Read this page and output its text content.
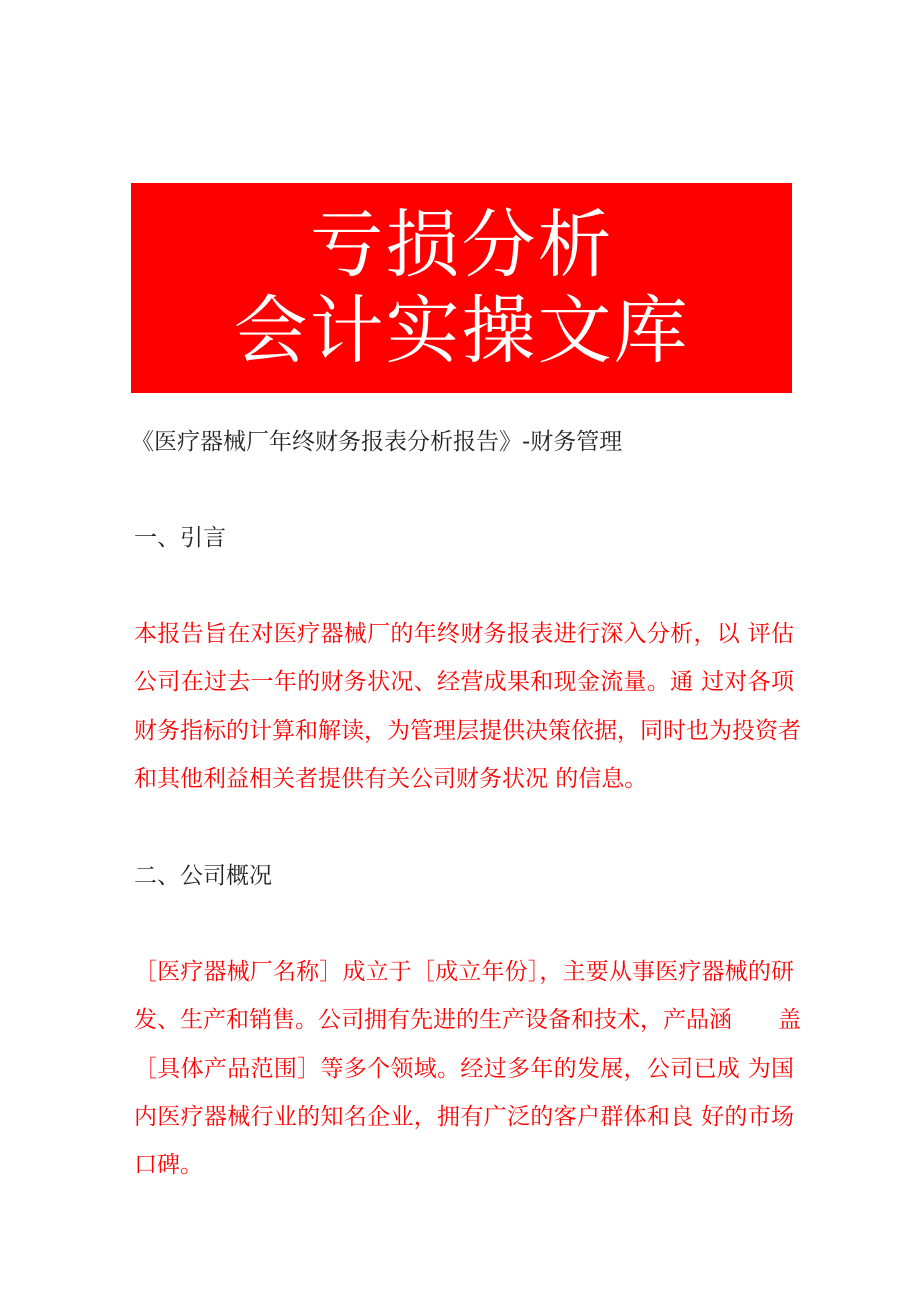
亏损分析
会计实操文库
《医疗器械厂年终财务报表分析报告》-财务管理
一、引言
本报告旨在对医疗器械厂的年终财务报表进行深入分析，以 评估
公司在过去一年的财务状况、经营成果和现金流量。通 过对各项
财务指标的计算和解读，为管理层提供决策依据，同时也为投资者
和其他利益相关者提供有关公司财务状况 的信息。
二、公司概况
［医疗器械厂名称］成立于［成立年份］，主要从事医疗器械的研
发、生产和销售。公司拥有先进的生产设备和技术，产品涵　　盖
［具体产品范围］等多个领域。经过多年的发展，公司已成 为国
内医疗器械行业的知名企业，拥有广泛的客户群体和良 好的市场
口碑。
